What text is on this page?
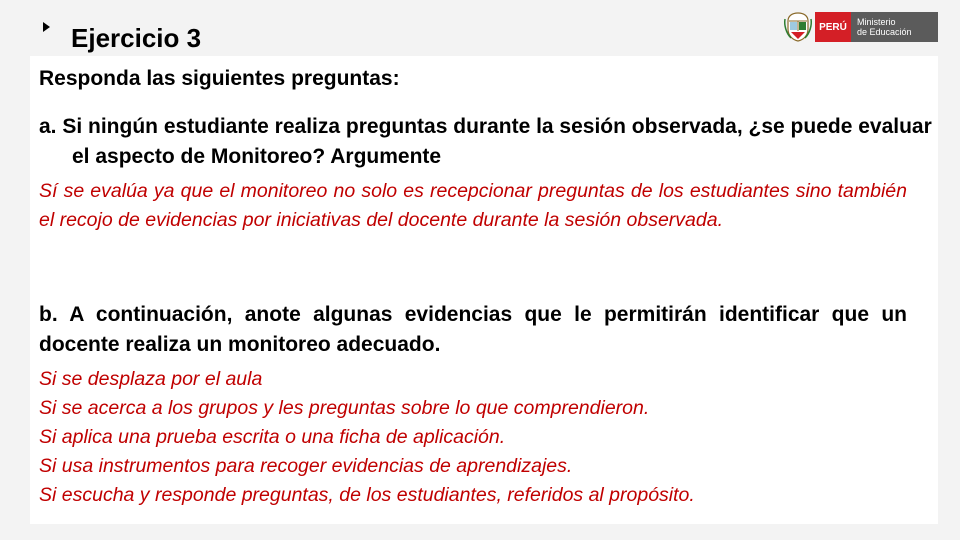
Ejercicio 3	PERÚ	Ministerio
de Educación
Responda las siguientes preguntas:
a. Si ningún estudiante realiza preguntas durante la sesión observada, ¿se puede evaluar el aspecto de Monitoreo? Argumente
Sí se evalúa ya que el monitoreo no solo es recepcionar preguntas de los estudiantes sino también el recojo de evidencias por iniciativas del docente durante la sesión observada.
b. A continuación, anote algunas evidencias que le permitirán identificar que un docente realiza un monitoreo adecuado.
Si se desplaza por el aula
Si se acerca a los grupos y les preguntas sobre lo que comprendieron.
Si aplica una prueba escrita o una ficha de aplicación.
Si usa instrumentos para recoger evidencias de aprendizajes.
Si escucha y responde preguntas, de los estudiantes, referidos al propósito.
